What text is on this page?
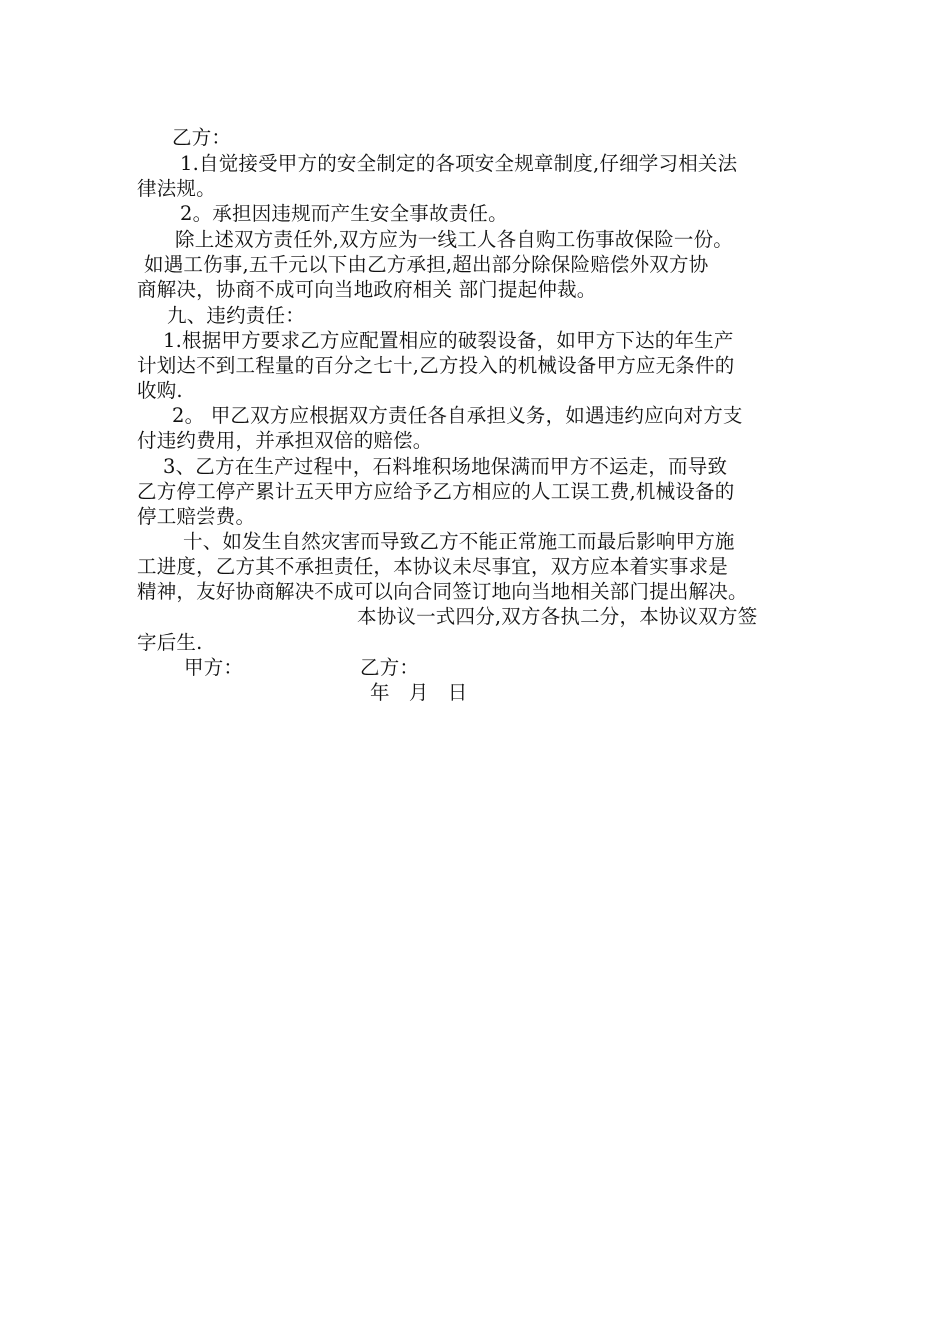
乙方：
1.自觉接受甲方的安全制定的各项安全规章制度,仔细学习相关法
律法规。
2。承担因违规而产生安全事故责任。
除上述双方责任外,双方应为一线工人各自购工伤事故保险一份。
如遇工伤事,五千元以下由乙方承担,超出部分除保险赔偿外双方协
商解决，协商不成可向当地政府相关 部门提起仲裁。
九、违约责任：
1.根据甲方要求乙方应配置相应的破裂设备，如甲方下达的年生产
计划达不到工程量的百分之七十,乙方投入的机械设备甲方应无条件的
收购.
2。 甲乙双方应根据双方责任各自承担义务，如遇违约应向对方支
付违约费用，并承担双倍的赔偿。
3、乙方在生产过程中，石料堆积场地保满而甲方不运走，而导致
乙方停工停产累计五天甲方应给予乙方相应的人工误工费,机械设备的
停工赔尝费。
十、如发生自然灾害而导致乙方不能正常施工而最后影响甲方施
工进度，乙方其不承担责任，本协议未尽事宜，双方应本着实事求是
精神，友好协商解决不成可以向合同签订地向当地相关部门提出解决。
本协议一式四分,双方各执二分，本协议双方签
字后生.
甲方：	乙方：
年   月   日
